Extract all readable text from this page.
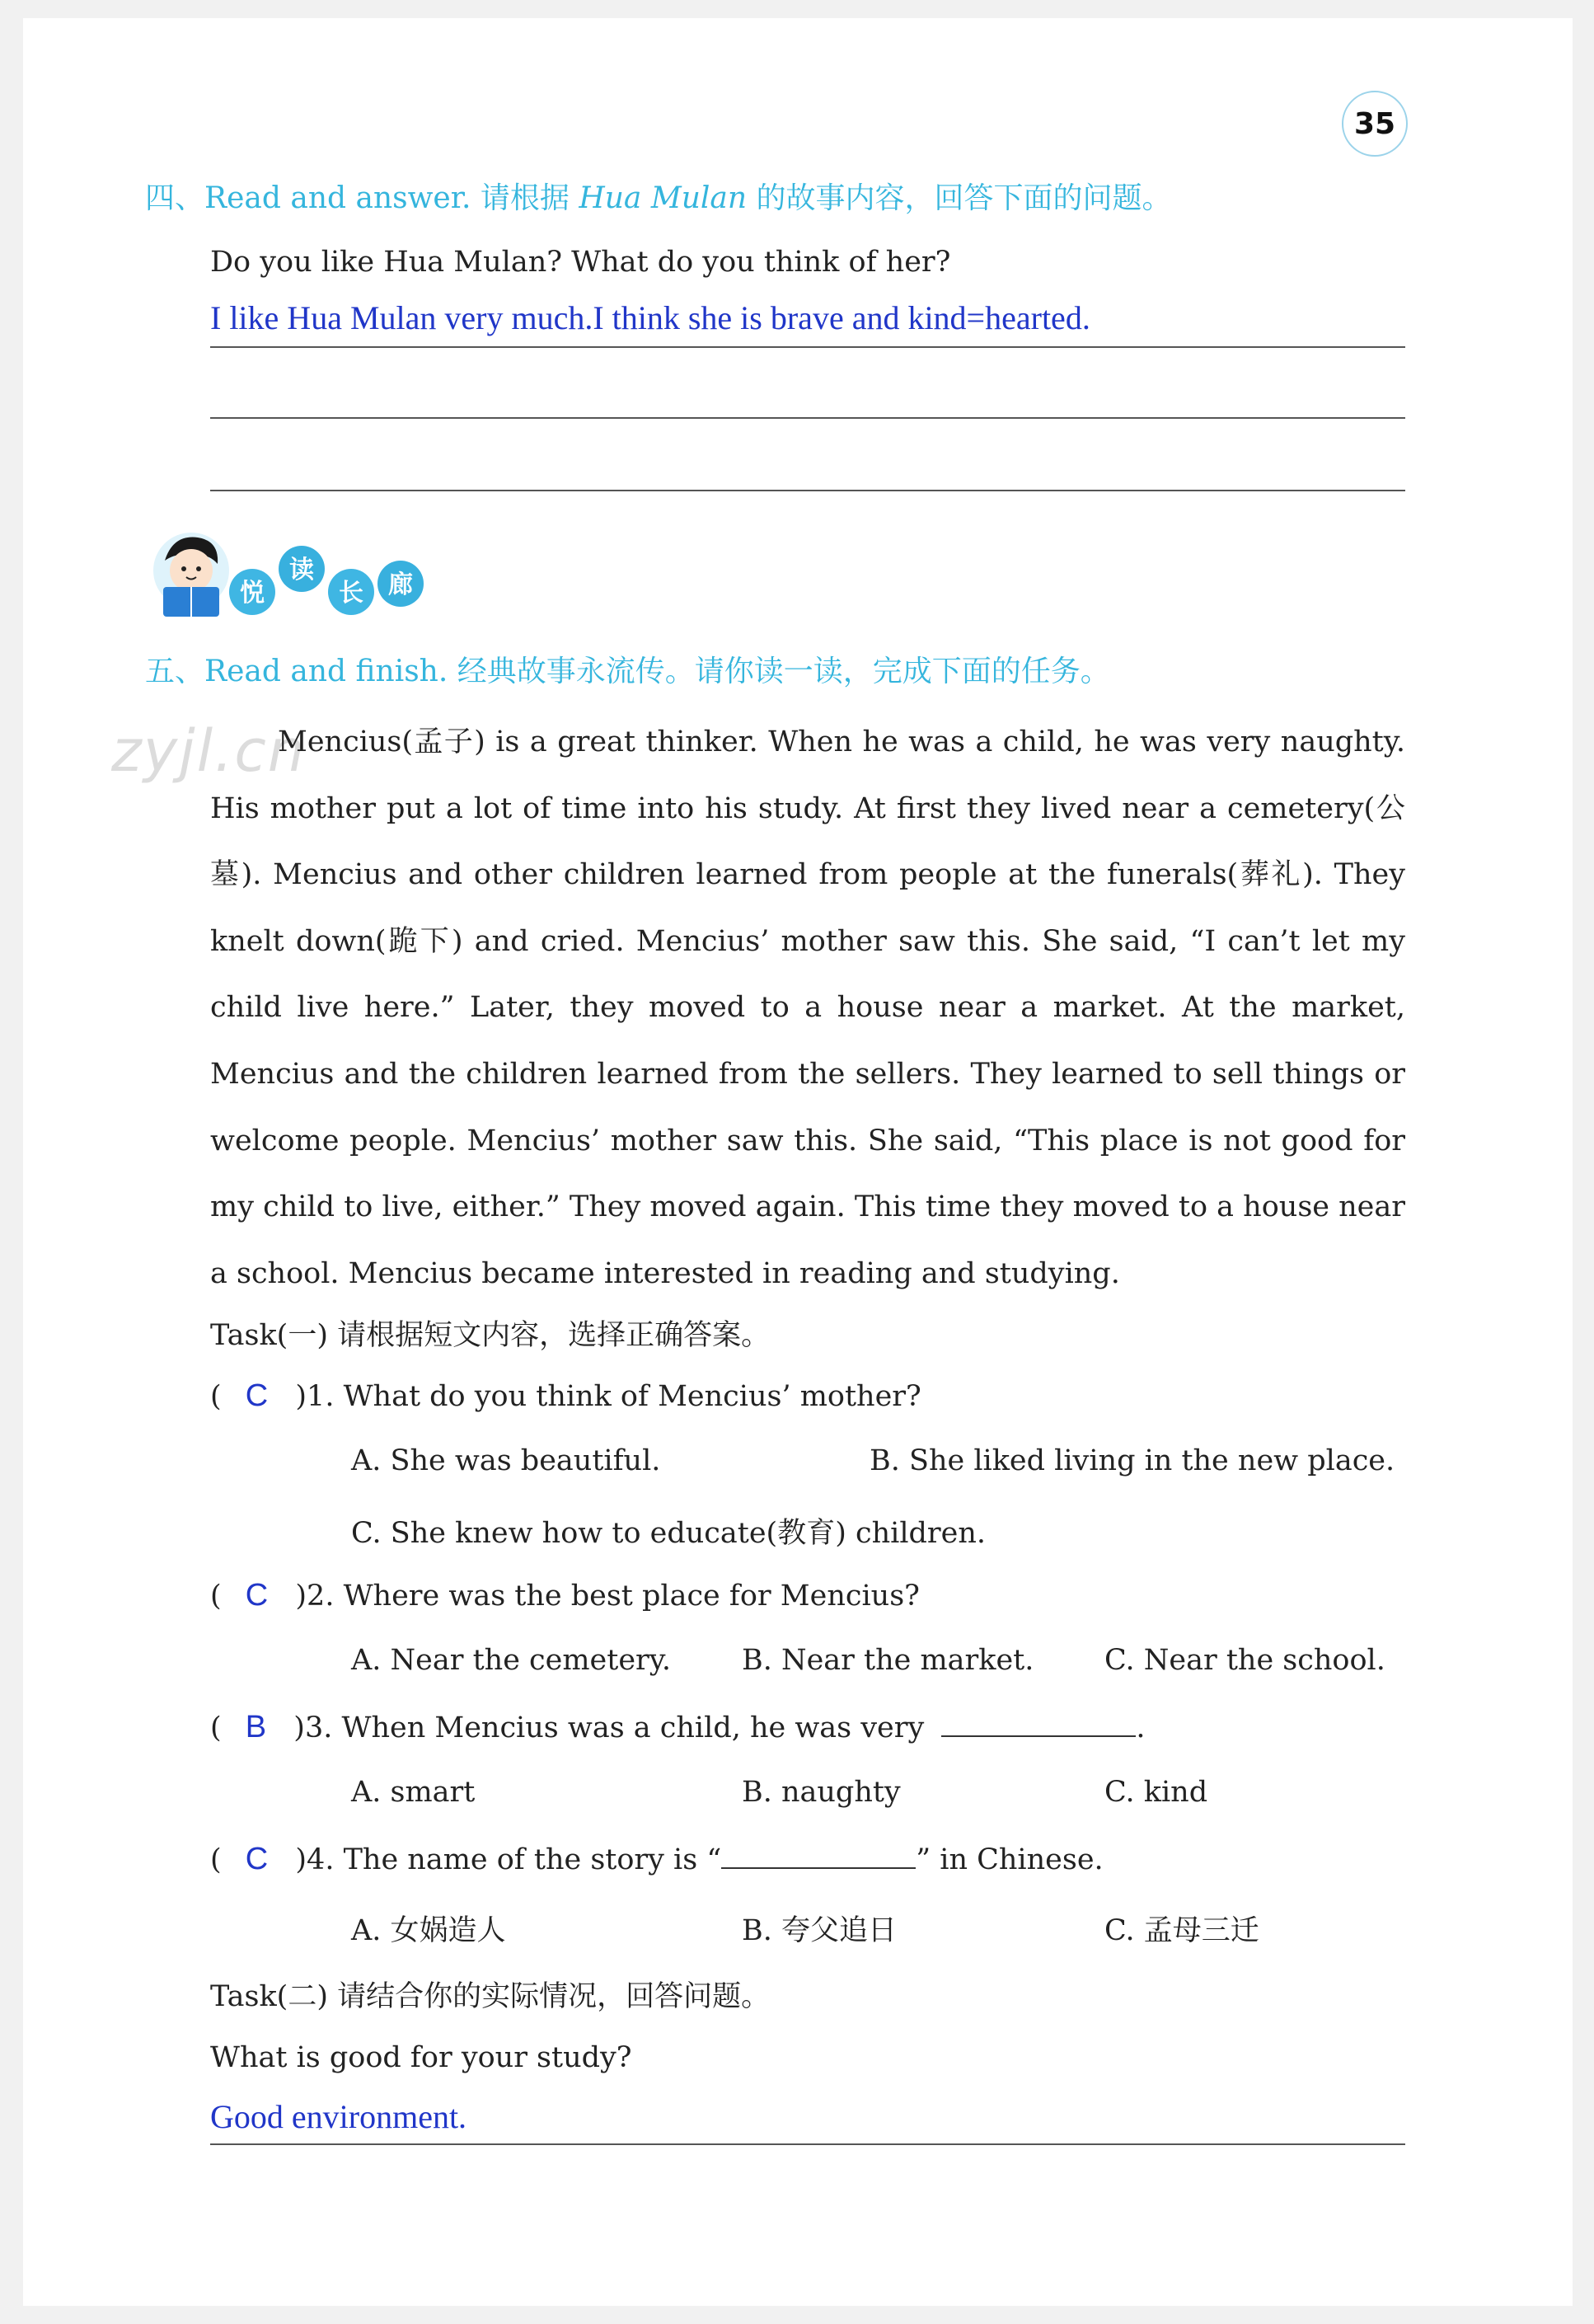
35
四、Read and answer. 请根据 Hua Mulan 的故事内容，回答下面的问题。
Do you like Hua Mulan? What do you think of her?
I like Hua Mulan very much.I think she is brave and kind=hearted.
悦
读
长 廊
五、Read and finish. 经典故事永流传。请你读一读，完成下面的任务。
zyjl.cn

Mencius(孟子) is a great thinker. When he was a child, he was very naughty. His mother put a lot of time into his study. At first they lived near a cemetery(公墓). Mencius and other children learned from people at the funerals(葬礼). They knelt down(跪下) and cried. Mencius’ mother saw this. She said, “I can’t let my child live here.” Later, they moved to a house near a market. At the market, Mencius and the children learned from the sellers. They learned to sell things or welcome people. Mencius’ mother saw this. She said, “This place is not good for my child to live, either.” They moved again. This time they moved to a house near a school. Mencius became interested in reading and studying.

Task(一) 请根据短文内容，选择正确答案。
( C )1. What do you think of Mencius’ mother?
A. She was beautiful.	B. She liked living in the new place.
C. She knew how to educate(教育) children.
( C )2. Where was the best place for Mencius?
A. Near the cemetery. B. Near the market. C. Near the school.
( B )3. When Mencius was a child, he was very	.
A. smart	B. naughty	C. kind
( C )4. The name of the story is “	” in Chinese.
A. 女娲造人	B. 夸父追日	C. 孟母三迁
Task(二) 请结合你的实际情况，回答问题。
What is good for your study?
Good environment.
